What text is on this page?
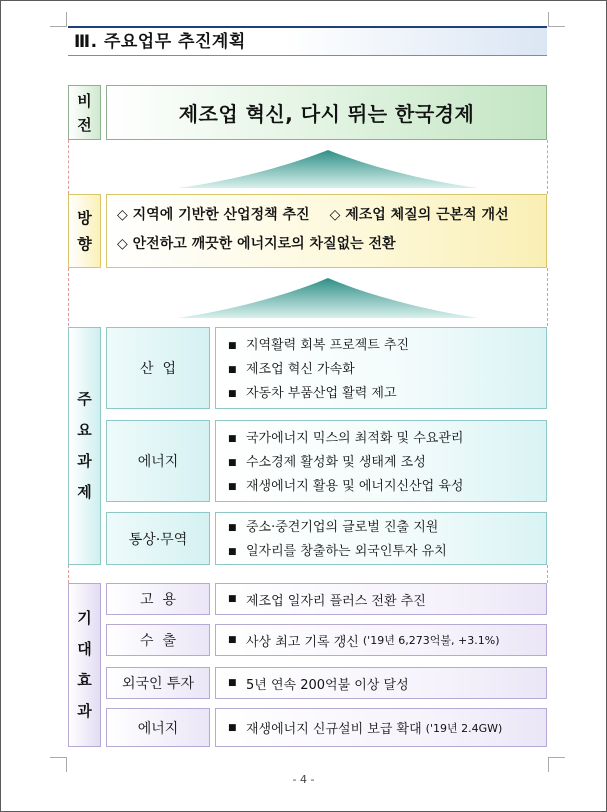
Ⅲ. 주요업무 추진계획
비
전	제조업 혁신, 다시 뛰는 한국경제
방
향
◇ 지역에 기반한 산업정책 추진 ◇ 제조업 체질의 근본적 개선
◇ 안전하고 깨끗한 에너지로의 차질없는 전환
주
요
과
제
산  업
■ 지역활력 회복 프로젝트 추진
■ 제조업 혁신 가속화
■ 자동차 부품산업 활력 제고
에너지
■ 국가에너지 믹스의 최적화 및 수요관리
■ 수소경제 활성화 및 생태계 조성
■ 재생에너지 활용 및 에너지신산업 육성
통상·무역
■ 중소·중견기업의 글로벌 진출 지원
■ 일자리를 창출하는 외국인투자 유치
기
대
효
과
고  용	■ 제조업 일자리 플러스 전환 추진
수  출	■ 사상 최고 기록 갱신 ('19년 6,273억불, +3.1%)
외국인 투자	■ 5년 연속 200억불 이상 달성
에너지	■ 재생에너지 신규설비 보급 확대 ('19년 2.4GW)
- 4 -
